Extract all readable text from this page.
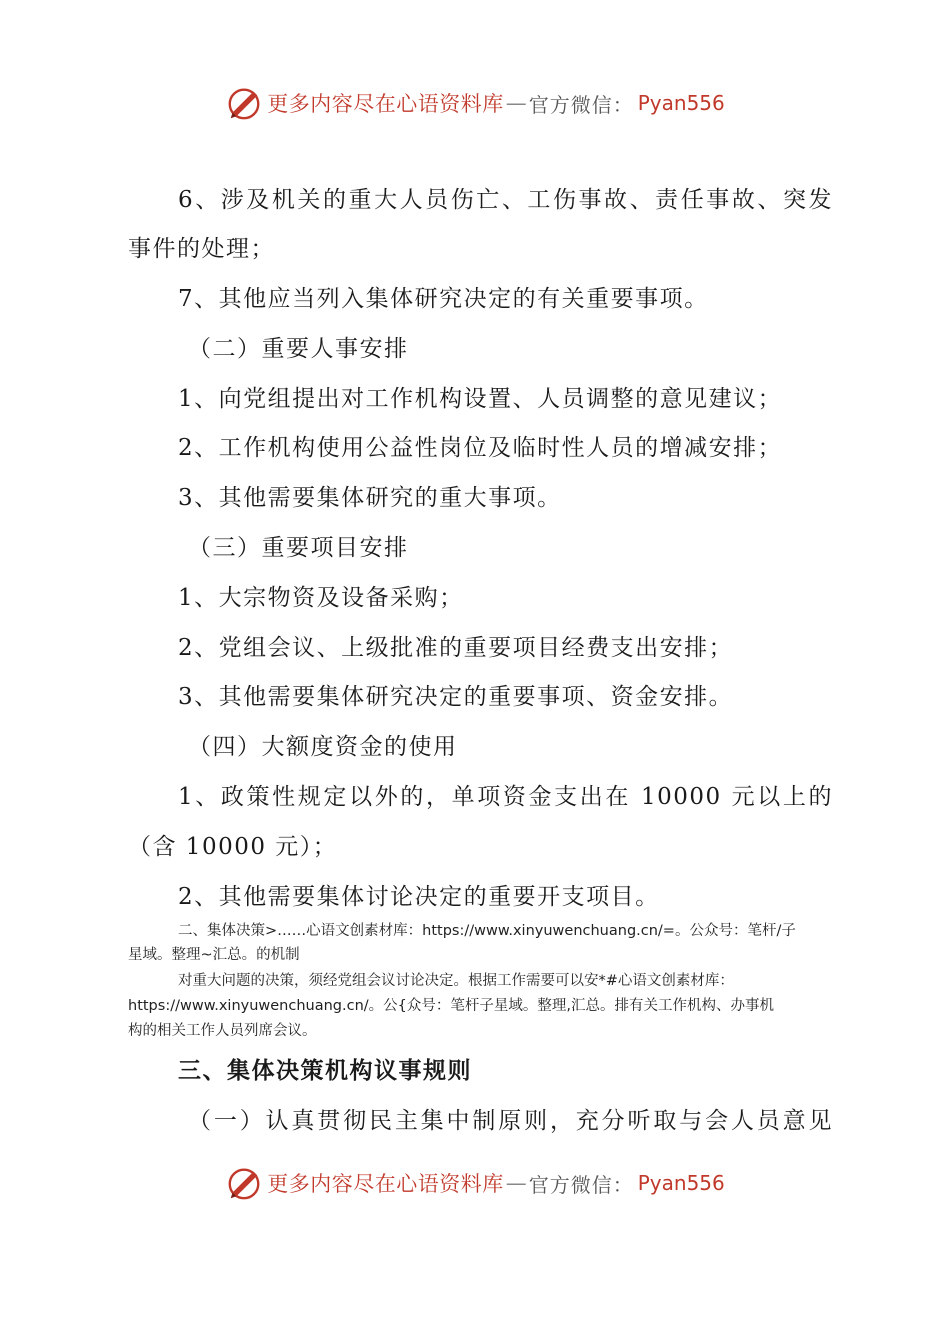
更多内容尽在心语资料库 — 官方微信： Pyan556
6、涉及机关的重大人员伤亡、工伤事故、责任事故、突发
事件的处理；
7、其他应当列入集体研究决定的有关重要事项。
（二）重要人事安排
1、向党组提出对工作机构设置、人员调整的意见建议；
2、工作机构使用公益性岗位及临时性人员的增减安排；
3、其他需要集体研究的重大事项。
（三）重要项目安排
1、大宗物资及设备采购；
2、党组会议、上级批准的重要项目经费支出安排；
3、其他需要集体研究决定的重要事项、资金安排。
（四）大额度资金的使用
1、政策性规定以外的，单项资金支出在 10000 元以上的
（含 10000 元）；
2、其他需要集体讨论决定的重要开支项目。
二、集体决策>……心语文创素材库：https://www.xinyuwenchuang.cn/=。公众号：笔杆/子
星域。整理~汇总。的机制
对重大问题的决策，须经党组会议讨论决定。根据工作需要可以安*#心语文创素材库：
https://www.xinyuwenchuang.cn/。公{众号：笔杆子星域。整理,汇总。排有关工作机构、办事机
构的相关工作人员列席会议。
三、集体决策机构议事规则
（一）认真贯彻民主集中制原则，充分听取与会人员意见
更多内容尽在心语资料库 — 官方微信： Pyan556
